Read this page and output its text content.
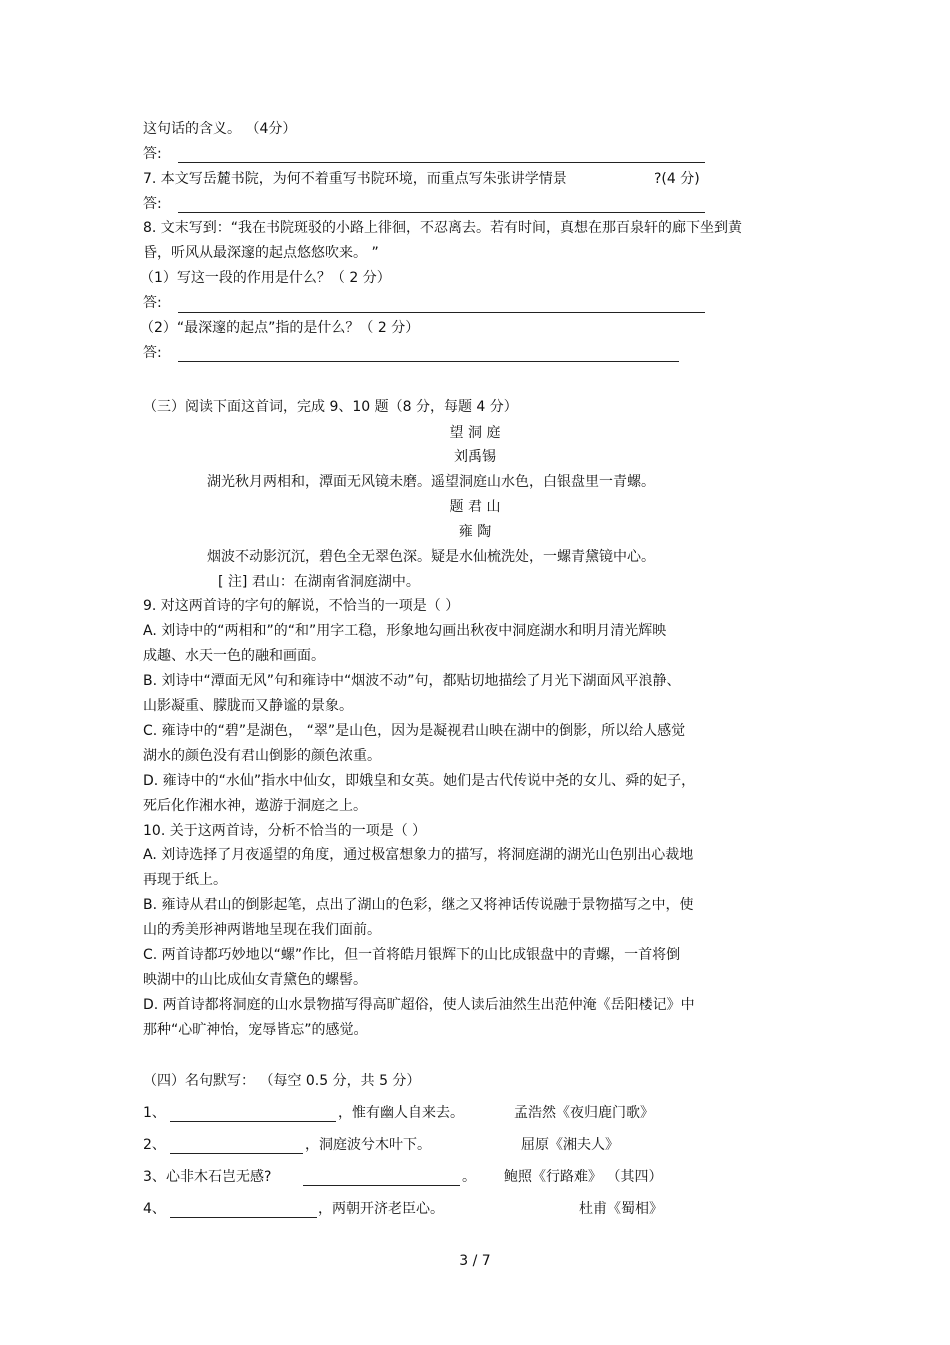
这句话的含义。 （4分）
答:
7. 本文写岳麓书院，为何不着重写书院环境，而重点写朱张讲学情景	?(4 分)
答:
8. 文末写到：“我在书院斑驳的小路上徘徊，不忍离去。若有时间，真想在那百泉轩的廊下坐到黄
昏，听风从最深邃的起点悠悠吹来。 ”
（1）写这一段的作用是什么？（ 2 分）
答:
（2）“最深邃的起点”指的是什么？（ 2 分）
答:
（三）阅读下面这首词，完成 9、10 题（8 分，每题 4 分）
望 洞 庭
刘禹锡
湖光秋月两相和，潭面无风镜未磨。遥望洞庭山水色，白银盘里一青螺。
题 君 山
雍 陶
烟波不动影沉沉，碧色全无翠色深。疑是水仙梳洗处，一螺青黛镜中心。
[ 注] 君山：在湖南省洞庭湖中。
9. 对这两首诗的字句的解说，不恰当的一项是（ ）
A. 刘诗中的“两相和”的“和”用字工稳，形象地勾画出秋夜中洞庭湖水和明月清光辉映
成趣、水天一色的融和画面。
B. 刘诗中“潭面无风”句和雍诗中“烟波不动”句，都贴切地描绘了月光下湖面风平浪静、
山影凝重、朦胧而又静谧的景象。
C. 雍诗中的“碧”是湖色， “翠”是山色，因为是凝视君山映在湖中的倒影，所以给人感觉
湖水的颜色没有君山倒影的颜色浓重。
D. 雍诗中的“水仙”指水中仙女，即娥皇和女英。她们是古代传说中尧的女儿、舜的妃子，
死后化作湘水神，遨游于洞庭之上。
10. 关于这两首诗，分析不恰当的一项是（ ）
A. 刘诗选择了月夜遥望的角度，通过极富想象力的描写，将洞庭湖的湖光山色别出心裁地
再现于纸上。
B. 雍诗从君山的倒影起笔，点出了湖山的色彩，继之又将神话传说融于景物描写之中，使
山的秀美形神两谐地呈现在我们面前。
C. 两首诗都巧妙地以“螺”作比，但一首将皓月银辉下的山比成银盘中的青螺，一首将倒
映湖中的山比成仙女青黛色的螺髻。
D. 两首诗都将洞庭的山水景物描写得高旷超俗，使人读后油然生出范仲淹《岳阳楼记》中
那种“心旷神怡，宠辱皆忘”的感觉。
（四）名句默写： （每空 0.5 分，共 5 分）
1、	，惟有幽人自来去。	孟浩然《夜归鹿门歌》
2、	，洞庭波兮木叶下。	屈原《湘夫人》
3、 心非木石岂无感?	。 鲍照《行路难》 （其四）
4、	，两朝开济老臣心。	杜甫《蜀相》
3 / 7
